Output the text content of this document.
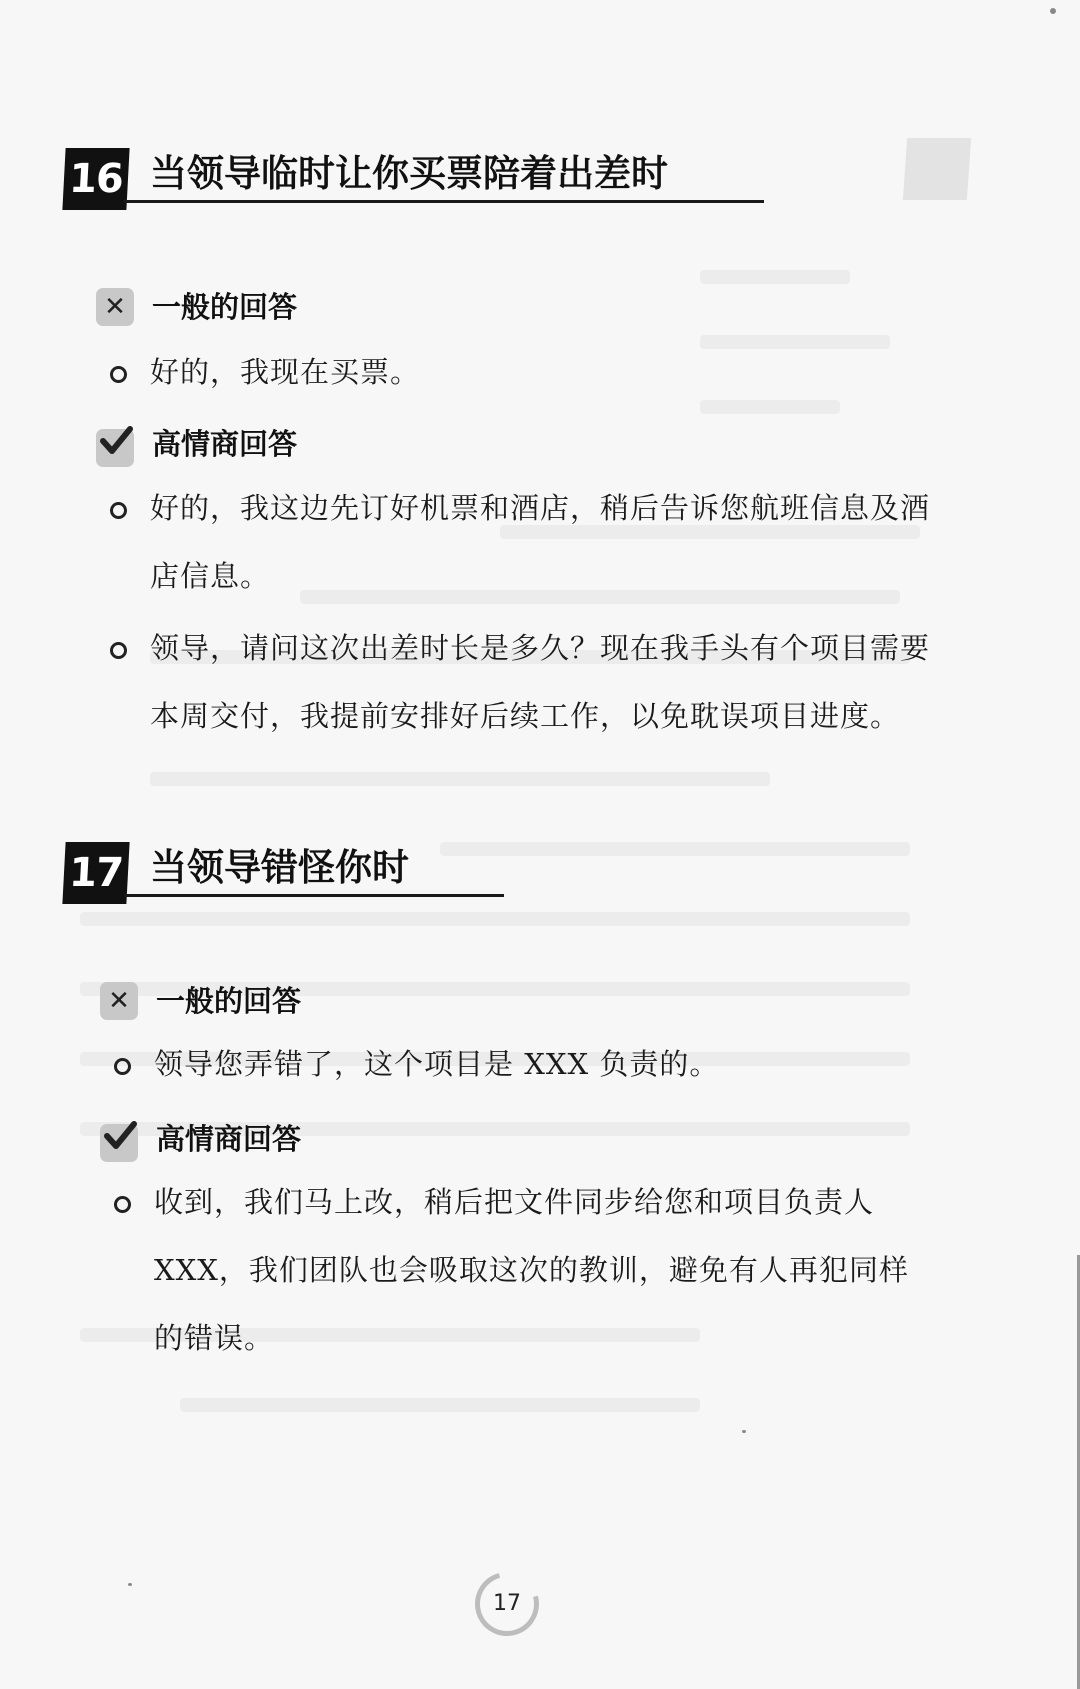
16 当领导临时让你买票陪着出差时
✕ 一般的回答
好的，我现在买票。
高情商回答
好的，我这边先订好机票和酒店，稍后告诉您航班信息及酒店信息。
领导，请问这次出差时长是多久？现在我手头有个项目需要本周交付，我提前安排好后续工作，以免耽误项目进度。
17 当领导错怪你时
✕ 一般的回答
领导您弄错了，这个项目是 XXX 负责的。
高情商回答
收到，我们马上改，稍后把文件同步给您和项目负责人 XXX，我们团队也会吸取这次的教训，避免有人再犯同样的错误。
17
